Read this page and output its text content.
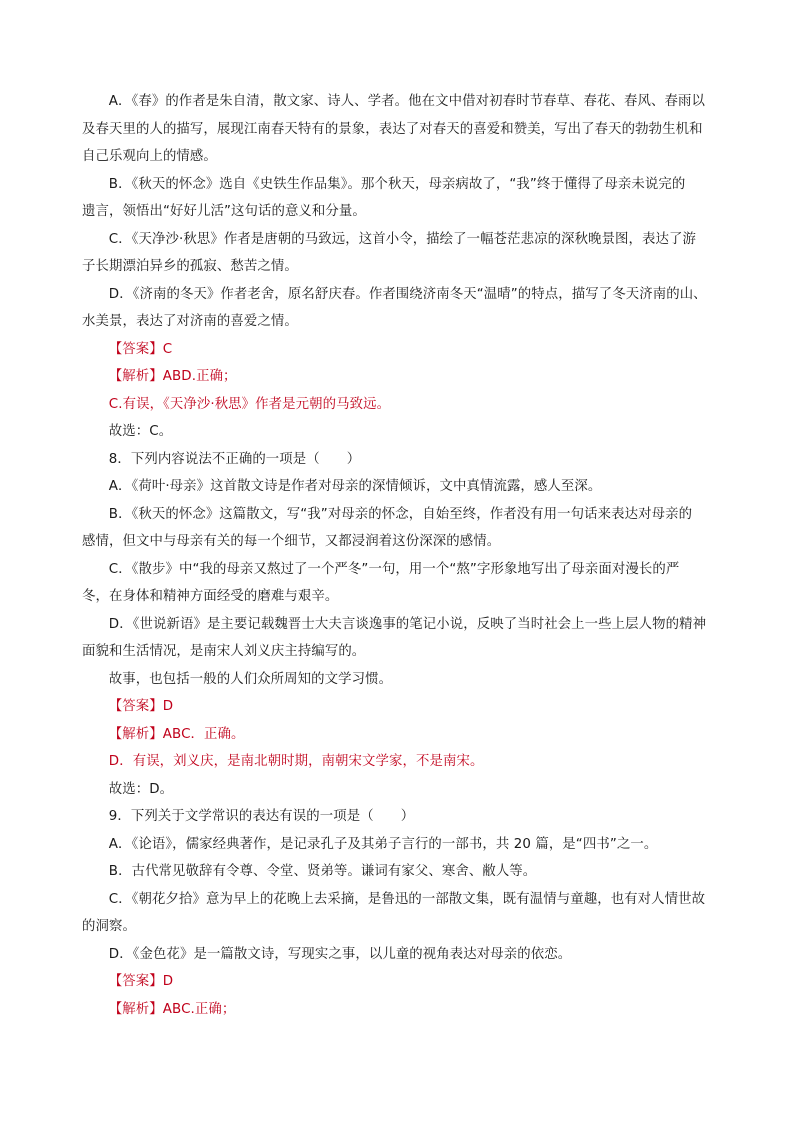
A．《春》的作者是朱自清，散文家、诗人、学者。他在文中借对初春时节春草、春花、春风、春雨以

及春天里的人的描写，展现江南春天特有的景象，表达了对春天的喜爱和赞美，写出了春天的勃勃生机和

自己乐观向上的情感。

B．《秋天的怀念》选自《史铁生作品集》。那个秋天，母亲病故了，“我”终于懂得了母亲未说完的

遗言，领悟出“好好儿活”这句话的意义和分量。

C．《天净沙·秋思》作者是唐朝的马致远，这首小令，描绘了一幅苍茫悲凉的深秋晚景图，表达了游

子长期漂泊异乡的孤寂、愁苦之情。

D．《济南的冬天》作者老舍，原名舒庆春。作者围绕济南冬天“温晴”的特点，描写了冬天济南的山、

水美景，表达了对济南的喜爱之情。

【答案】C

【解析】ABD.正确；

C.有误，《天净沙·秋思》作者是元朝的马致远。

故选：C。

8．下列内容说法不正确的一项是（　　）

A．《荷叶·母亲》这首散文诗是作者对母亲的深情倾诉，文中真情流露，感人至深。

B．《秋天的怀念》这篇散文，写“我”对母亲的怀念，自始至终，作者没有用一句话来表达对母亲的

感情，但文中与母亲有关的每一个细节，又都浸润着这份深深的感情。

C．《散步》中“我的母亲又熬过了一个严冬”一句，用一个“熬”字形象地写出了母亲面对漫长的严

冬，在身体和精神方面经受的磨难与艰辛。

D．《世说新语》是主要记载魏晋士大夫言谈逸事的笔记小说，反映了当时社会上一些上层人物的精神

面貌和生活情况，是南宋人刘义庆主持编写的。

故事，也包括一般的人们众所周知的文学习惯。

【答案】D

【解析】ABC．正确。

D．有误，刘义庆，是南北朝时期，南朝宋文学家，不是南宋。

故选：D。

9．下列关于文学常识的表达有误的一项是（　　）

A．《论语》，儒家经典著作，是记录孔子及其弟子言行的一部书，共 20 篇，是“四书”之一。

B．古代常见敬辞有令尊、令堂、贤弟等。谦词有家父、寒舍、敝人等。

C．《朝花夕拾》意为早上的花晚上去采摘，是鲁迅的一部散文集，既有温情与童趣，也有对人情世故

的洞察。

D．《金色花》是一篇散文诗，写现实之事，以儿童的视角表达对母亲的依恋。

【答案】D

【解析】ABC.正确；
